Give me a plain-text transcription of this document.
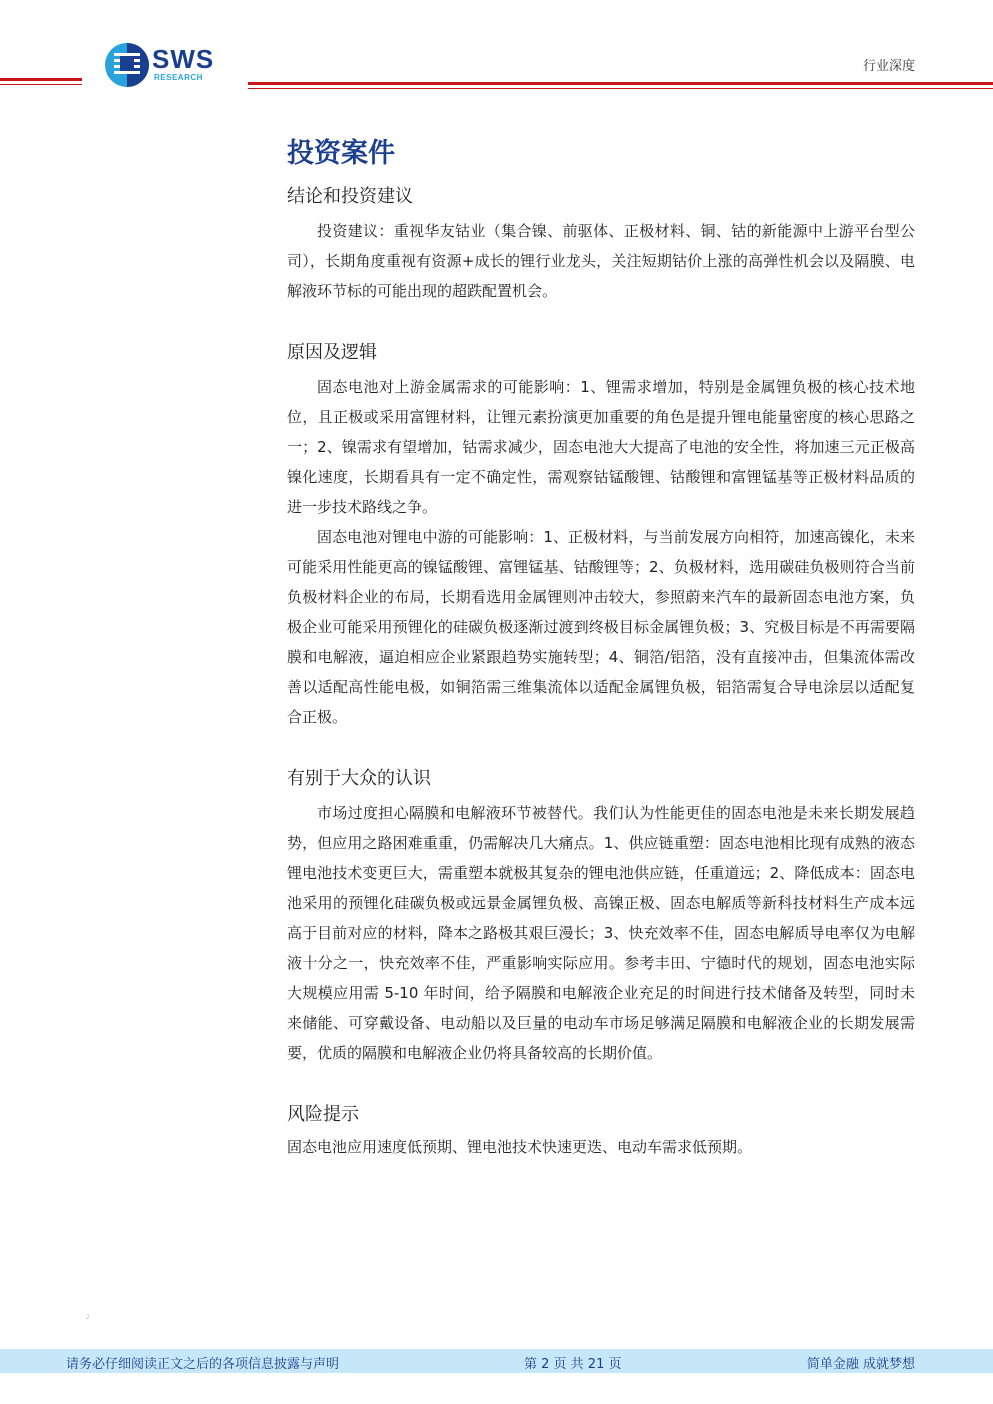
SWS
RESEARCH
行业深度
投资案件
结论和投资建议

投资建议：重视华友钴业（集合镍、前驱体、正极材料、铜、钴的新能源中上游平台型公司），长期角度重视有资源+成长的锂行业龙头，关注短期钴价上涨的高弹性机会以及隔膜、电解液环节标的可能出现的超跌配置机会。

原因及逻辑

固态电池对上游金属需求的可能影响：1、锂需求增加，特别是金属锂负极的核心技术地位，且正极或采用富锂材料，让锂元素扮演更加重要的角色是提升锂电能量密度的核心思路之一；2、镍需求有望增加，钴需求减少，固态电池大大提高了电池的安全性，将加速三元正极高镍化速度，长期看具有一定不确定性，需观察钴锰酸锂、钴酸锂和富锂锰基等正极材料品质的进一步技术路线之争。

固态电池对锂电中游的可能影响：1、正极材料，与当前发展方向相符，加速高镍化，未来可能采用性能更高的镍锰酸锂、富锂锰基、钴酸锂等；2、负极材料，选用碳硅负极则符合当前负极材料企业的布局，长期看选用金属锂则冲击较大，参照蔚来汽车的最新固态电池方案，负极企业可能采用预锂化的硅碳负极逐渐过渡到终极目标金属锂负极；3、究极目标是不再需要隔膜和电解液，逼迫相应企业紧跟趋势实施转型；4、铜箔/铝箔，没有直接冲击，但集流体需改善以适配高性能电极，如铜箔需三维集流体以适配金属锂负极，铝箔需复合导电涂层以适配复合正极。

有别于大众的认识

市场过度担心隔膜和电解液环节被替代。我们认为性能更佳的固态电池是未来长期发展趋势，但应用之路困难重重，仍需解决几大痛点。1、供应链重塑：固态电池相比现有成熟的液态锂电池技术变更巨大，需重塑本就极其复杂的锂电池供应链，任重道远；2、降低成本：固态电池采用的预锂化硅碳负极或远景金属锂负极、高镍正极、固态电解质等新科技材料生产成本远高于目前对应的材料，降本之路极其艰巨漫长；3、快充效率不佳，固态电解质导电率仅为电解液十分之一，快充效率不佳，严重影响实际应用。参考丰田、宁德时代的规划，固态电池实际大规模应用需 5-10 年时间，给予隔膜和电解液企业充足的时间进行技术储备及转型，同时未来储能、可穿戴设备、电动船以及巨量的电动车市场足够满足隔膜和电解液企业的长期发展需要，优质的隔膜和电解液企业仍将具备较高的长期价值。

风险提示

固态电池应用速度低预期、锂电池技术快速更迭、电动车需求低预期。

2
请务必仔细阅读正文之后的各项信息披露与声明	第 2 页 共 21 页	简单金融 成就梦想
